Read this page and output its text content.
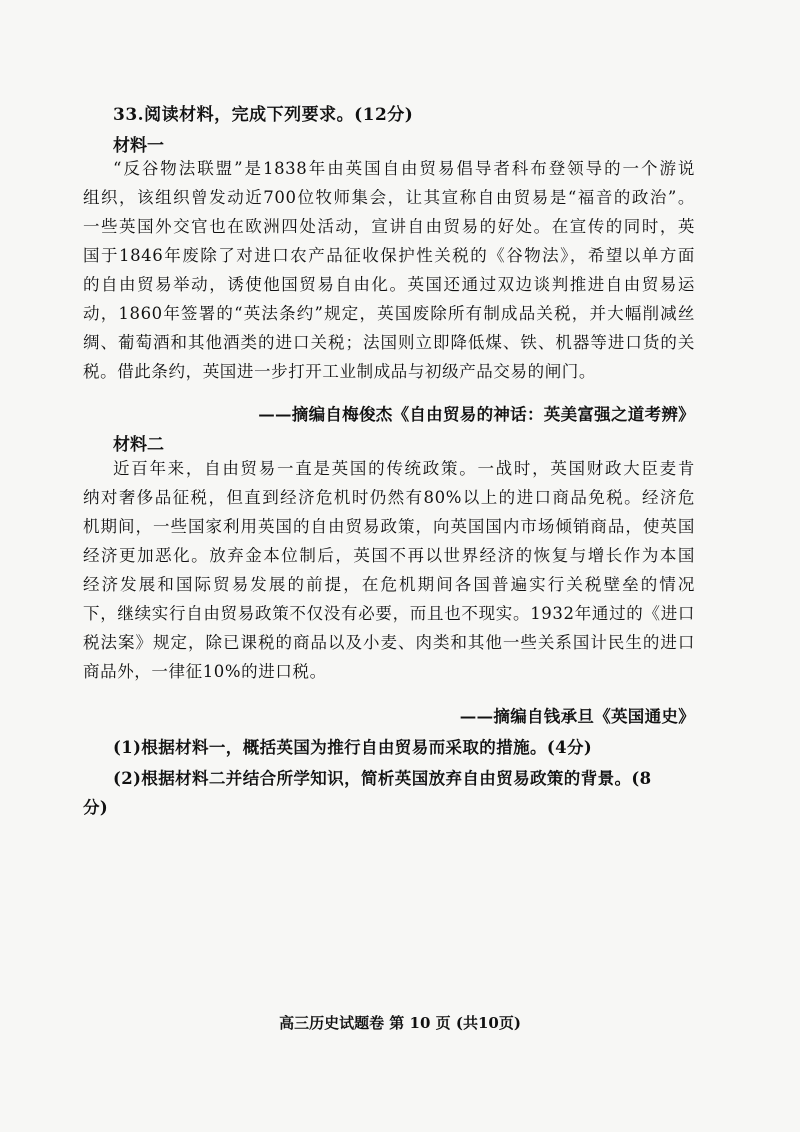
33.阅读材料，完成下列要求。(12分)
材料一
“反谷物法联盟”是1838年由英国自由贸易倡导者科布登领导的一个游说
组织，该组织曾发动近700位牧师集会，让其宣称自由贸易是“福音的政治”。
一些英国外交官也在欧洲四处活动，宣讲自由贸易的好处。在宣传的同时，英
国于1846年废除了对进口农产品征收保护性关税的《谷物法》，希望以单方面
的自由贸易举动，诱使他国贸易自由化。英国还通过双边谈判推进自由贸易运
动，1860年签署的“英法条约”规定，英国废除所有制成品关税，并大幅削减丝
绸、葡萄酒和其他酒类的进口关税；法国则立即降低煤、铁、机器等进口货的关
税。借此条约，英国进一步打开工业制成品与初级产品交易的闸门。
——摘编自梅俊杰《自由贸易的神话：英美富强之道考辨》
材料二
近百年来，自由贸易一直是英国的传统政策。一战时，英国财政大臣麦肯
纳对奢侈品征税，但直到经济危机时仍然有80%以上的进口商品免税。经济危
机期间，一些国家利用英国的自由贸易政策，向英国国内市场倾销商品，使英国
经济更加恶化。放弃金本位制后，英国不再以世界经济的恢复与增长作为本国
经济发展和国际贸易发展的前提，在危机期间各国普遍实行关税壁垒的情况
下，继续实行自由贸易政策不仅没有必要，而且也不现实。1932年通过的《进口
税法案》规定，除已课税的商品以及小麦、肉类和其他一些关系国计民生的进口
商品外，一律征10%的进口税。
——摘编自钱承旦《英国通史》
(1)根据材料一，概括英国为推行自由贸易而采取的措施。(4分)
(2)根据材料二并结合所学知识，简析英国放弃自由贸易政策的背景。(8
分)
高三历史试题卷 第 10 页 (共10页)
